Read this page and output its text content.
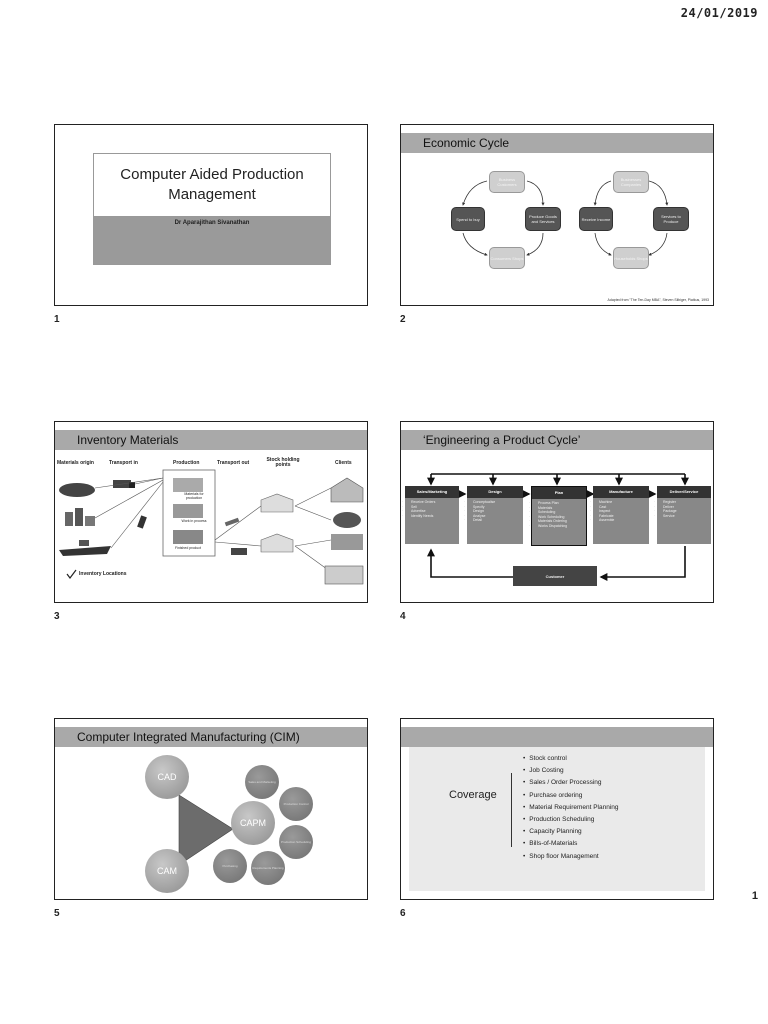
24/01/2019
Computer Aided Production Management
Dr Aparajithan Sivanathan
1
Economic Cycle
Business Customers
Produce Goods and Services
Consumers Shops
Spend to buy
Businesses Companies
Services to Produce
Households Shops
Receive Income
Adapted from "The Ten-Day MBA", Steven Silbiger, Piatkus, 1993
2
Inventory Materials
Materials origin	Transport in	Production	Transport out	Stock holding points	Clients
Materials for production
Work in process
Finished product
Inventory Locations
3
‘Engineering a Product Cycle’
Sales/Marketing
• Receive Orders
• Sell
• Advertise
• Identify Needs
Design
• Conceptualise
• Specify
• Design
• Analyse
• Detail
Plan
• Process Plan
• Materials
• Scheduling
• Work Scheduling
• Materials Ordering
• Works Dispatching
Manufacture
• Machine
• Cast
• Inspect
• Fabricate
• Assemble
Deliver/Service
• Register
• Deliver
• Package
• Service
Customer
4
Computer Integrated Manufacturing (CIM)
CAD
CAM
CAPM
Sales and Marketing
Production Control
Production Scheduling
Requirements Planning
Purchasing
5
Coverage
• Stock control
• Job Costing
• Sales / Order Processing
• Purchase ordering
• Material Requirement Planning
• Production Scheduling
• Capacity Planning
• Bills-of-Materials
• Shop floor Management
6
1
